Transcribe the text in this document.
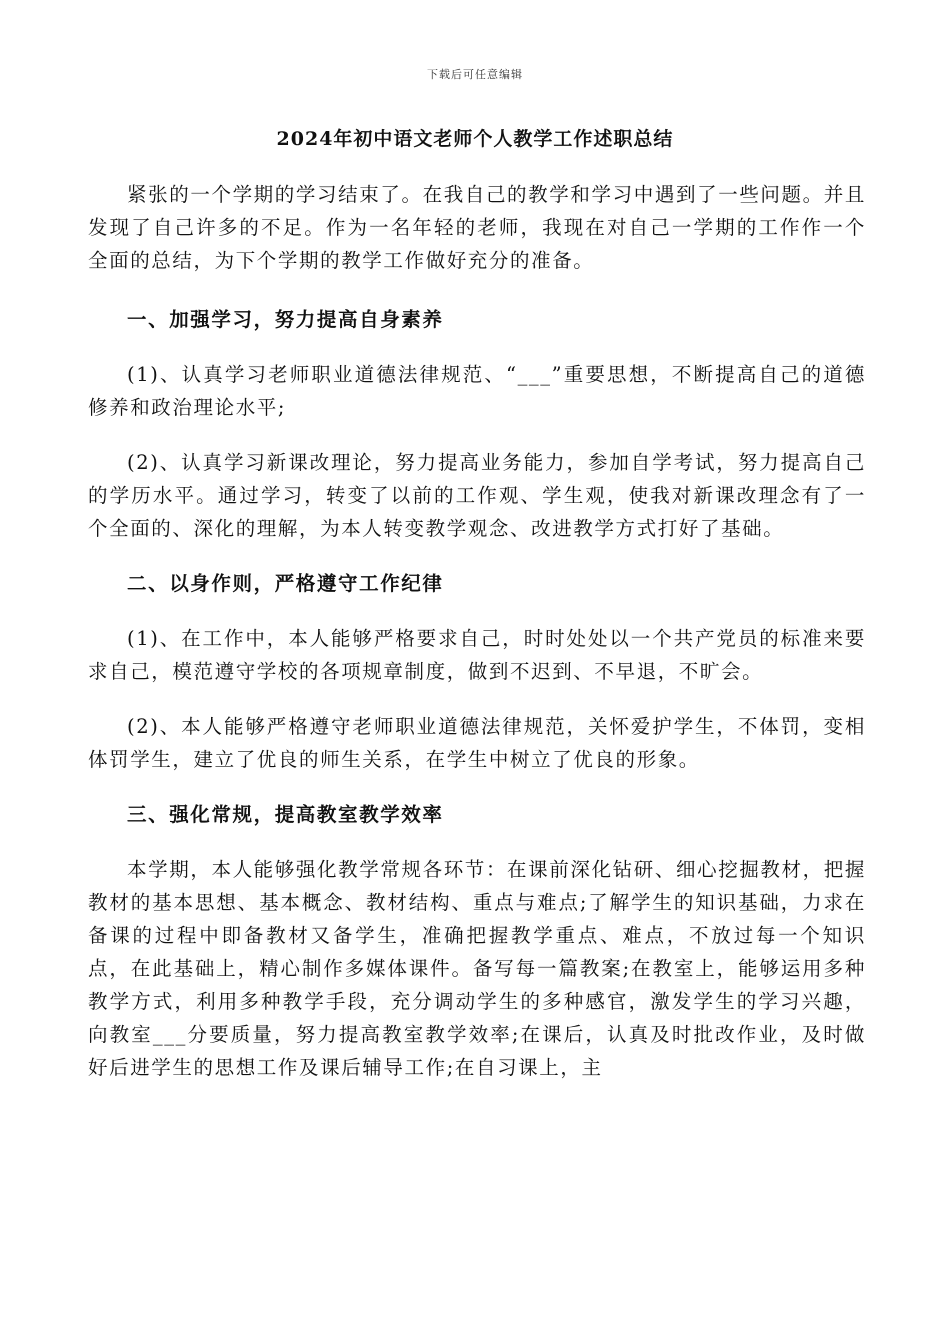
下载后可任意编辑
2024年初中语文老师个人教学工作述职总结

紧张的一个学期的学习结束了。在我自己的教学和学习中遇到了一些问题。并且发现了自己许多的不足。作为一名年轻的老师，我现在对自己一学期的工作作一个全面的总结，为下个学期的教学工作做好充分的准备。

一、加强学习，努力提高自身素养

(1)、认真学习老师职业道德法律规范、“___”重要思想，不断提高自己的道德修养和政治理论水平;

(2)、认真学习新课改理论，努力提高业务能力，参加自学考试，努力提高自己的学历水平。通过学习，转变了以前的工作观、学生观，使我对新课改理念有了一个全面的、深化的理解，为本人转变教学观念、改进教学方式打好了基础。

二、以身作则，严格遵守工作纪律

(1)、在工作中，本人能够严格要求自己，时时处处以一个共产党员的标准来要求自己，模范遵守学校的各项规章制度，做到不迟到、不早退，不旷会。

(2)、本人能够严格遵守老师职业道德法律规范，关怀爱护学生，不体罚，变相体罚学生，建立了优良的师生关系，在学生中树立了优良的形象。

三、强化常规，提高教室教学效率

本学期，本人能够强化教学常规各环节：在课前深化钻研、细心挖掘教材，把握教材的基本思想、基本概念、教材结构、重点与难点;了解学生的知识基础，力求在备课的过程中即备教材又备学生，准确把握教学重点、难点，不放过每一个知识点，在此基础上，精心制作多媒体课件。备写每一篇教案;在教室上，能够运用多种教学方式，利用多种教学手段，充分调动学生的多种感官，激发学生的学习兴趣，向教室___分要质量，努力提高教室教学效率;在课后，认真及时批改作业，及时做好后进学生的思想工作及课后辅导工作;在自习课上，主
